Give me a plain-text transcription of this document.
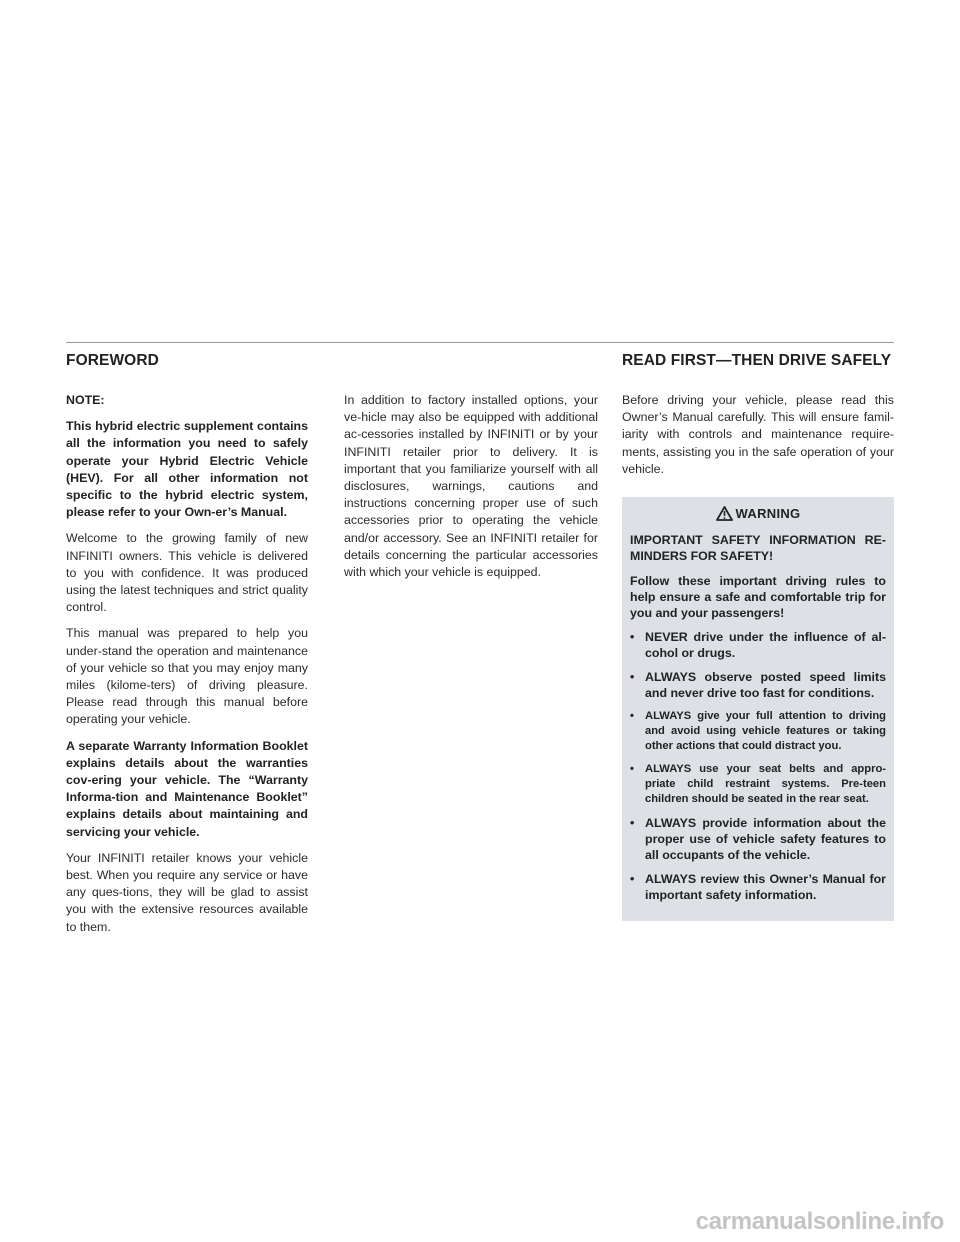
FOREWORD	READ FIRST—THEN DRIVE SAFELY

NOTE:

This hybrid electric supplement contains all the information you need to safely operate your Hybrid Electric Vehicle (HEV). For all other information not specific to the hybrid electric system, please refer to your Own-er’s Manual.

Welcome to the growing family of new INFINITI owners. This vehicle is delivered to you with confidence. It was produced using the latest techniques and strict quality control.

This manual was prepared to help you under-stand the operation and maintenance of your vehicle so that you may enjoy many miles (kilome-ters) of driving pleasure. Please read through this manual before operating your vehicle.

A separate Warranty Information Booklet explains details about the warranties cov-ering your vehicle. The “Warranty Informa-tion and Maintenance Booklet” explains details about maintaining and servicing your vehicle.

Your INFINITI retailer knows your vehicle best. When you require any service or have any ques-tions, they will be glad to assist you with the extensive resources available to them.

In addition to factory installed options, your ve-hicle may also be equipped with additional ac-cessories installed by INFINITI or by your INFINITI retailer prior to delivery. It is important that you familiarize yourself with all disclosures, warnings, cautions and instructions concerning proper use of such accessories prior to operating the vehicle and/or accessory. See an INFINITI retailer for details concerning the particular accessories with which your vehicle is equipped.

Before driving your vehicle, please read this Owner’s Manual carefully. This will ensure famil-iarity with controls and maintenance require-ments, assisting you in the safe operation of your vehicle.

WARNING

IMPORTANT SAFETY INFORMATION RE-MINDERS FOR SAFETY!

Follow these important driving rules to help ensure a safe and comfortable trip for you and your passengers!

• NEVER drive under the influence of al-cohol or drugs.
• ALWAYS observe posted speed limits and never drive too fast for conditions.
• ALWAYS give your full attention to driving and avoid using vehicle features or taking other actions that could distract you.
• ALWAYS use your seat belts and appro-priate child restraint systems. Pre-teen children should be seated in the rear seat.
• ALWAYS provide information about the proper use of vehicle safety features to all occupants of the vehicle.
• ALWAYS review this Owner’s Manual for important safety information.
carmanualsonline.info
